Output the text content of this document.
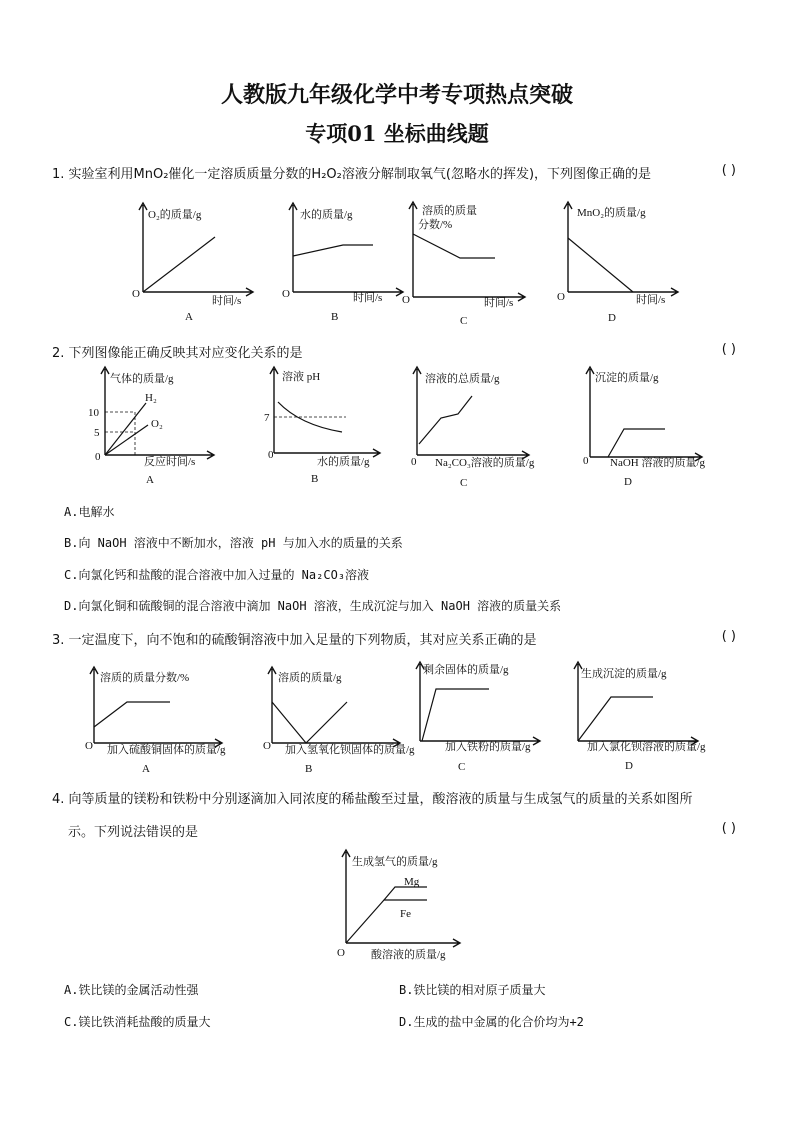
人教版九年级化学中考专项热点突破
专项01 坐标曲线题
1. 实验室利用MnO₂催化一定溶质质量分数的H₂O₂溶液分解制取氧气(忽略水的挥发)，下列图像正确的是	( )
O₂的质量/g
O
时间/s
A
水的质量/g
O	时间/s
B
溶质的质量
分数/%
O	时间/s
C
MnO₂的质量/g
O	时间/s
D
2. 下列图像能正确反映其对应变化关系的是	( )
气体的质量/g
H₂
O₂
10
5
0	反应时间/s
A
溶液 pH
7
0
水的质量/g
B
溶液的总质量/g
0 Na₂CO₃溶液的质量/g
C
沉淀的质量/g
0 NaOH 溶液的质量/g
D
A.电解水
B.向 NaOH 溶液中不断加水，溶液 pH 与加入水的质量的关系
C.向氯化钙和盐酸的混合溶液中加入过量的 Na₂CO₃溶液
D.向氯化铜和硫酸铜的混合溶液中滴加 NaOH 溶液，生成沉淀与加入 NaOH 溶液的质量关系
3. 一定温度下，向不饱和的硫酸铜溶液中加入足量的下列物质，其对应关系正确的是	( )
溶质的质量分数/%
O 加入硫酸铜固体的质量/g
A
溶质的质量/g
O 加入氢氧化钡固体的质量/g
B
剩余固体的质量/g
加入铁粉的质量/g
C
生成沉淀的质量/g
加入氯化钡溶液的质量/g
D
4. 向等质量的镁粉和铁粉中分别逐滴加入同浓度的稀盐酸至过量，酸溶液的质量与生成氢气的质量的关系如图所
示。下列说法错误的是	( )
生成氢气的质量/g
Mg
Fe
O 酸溶液的质量/g
A.铁比镁的金属活动性强	B.铁比镁的相对原子质量大
C.镁比铁消耗盐酸的质量大	D.生成的盐中金属的化合价均为+2
